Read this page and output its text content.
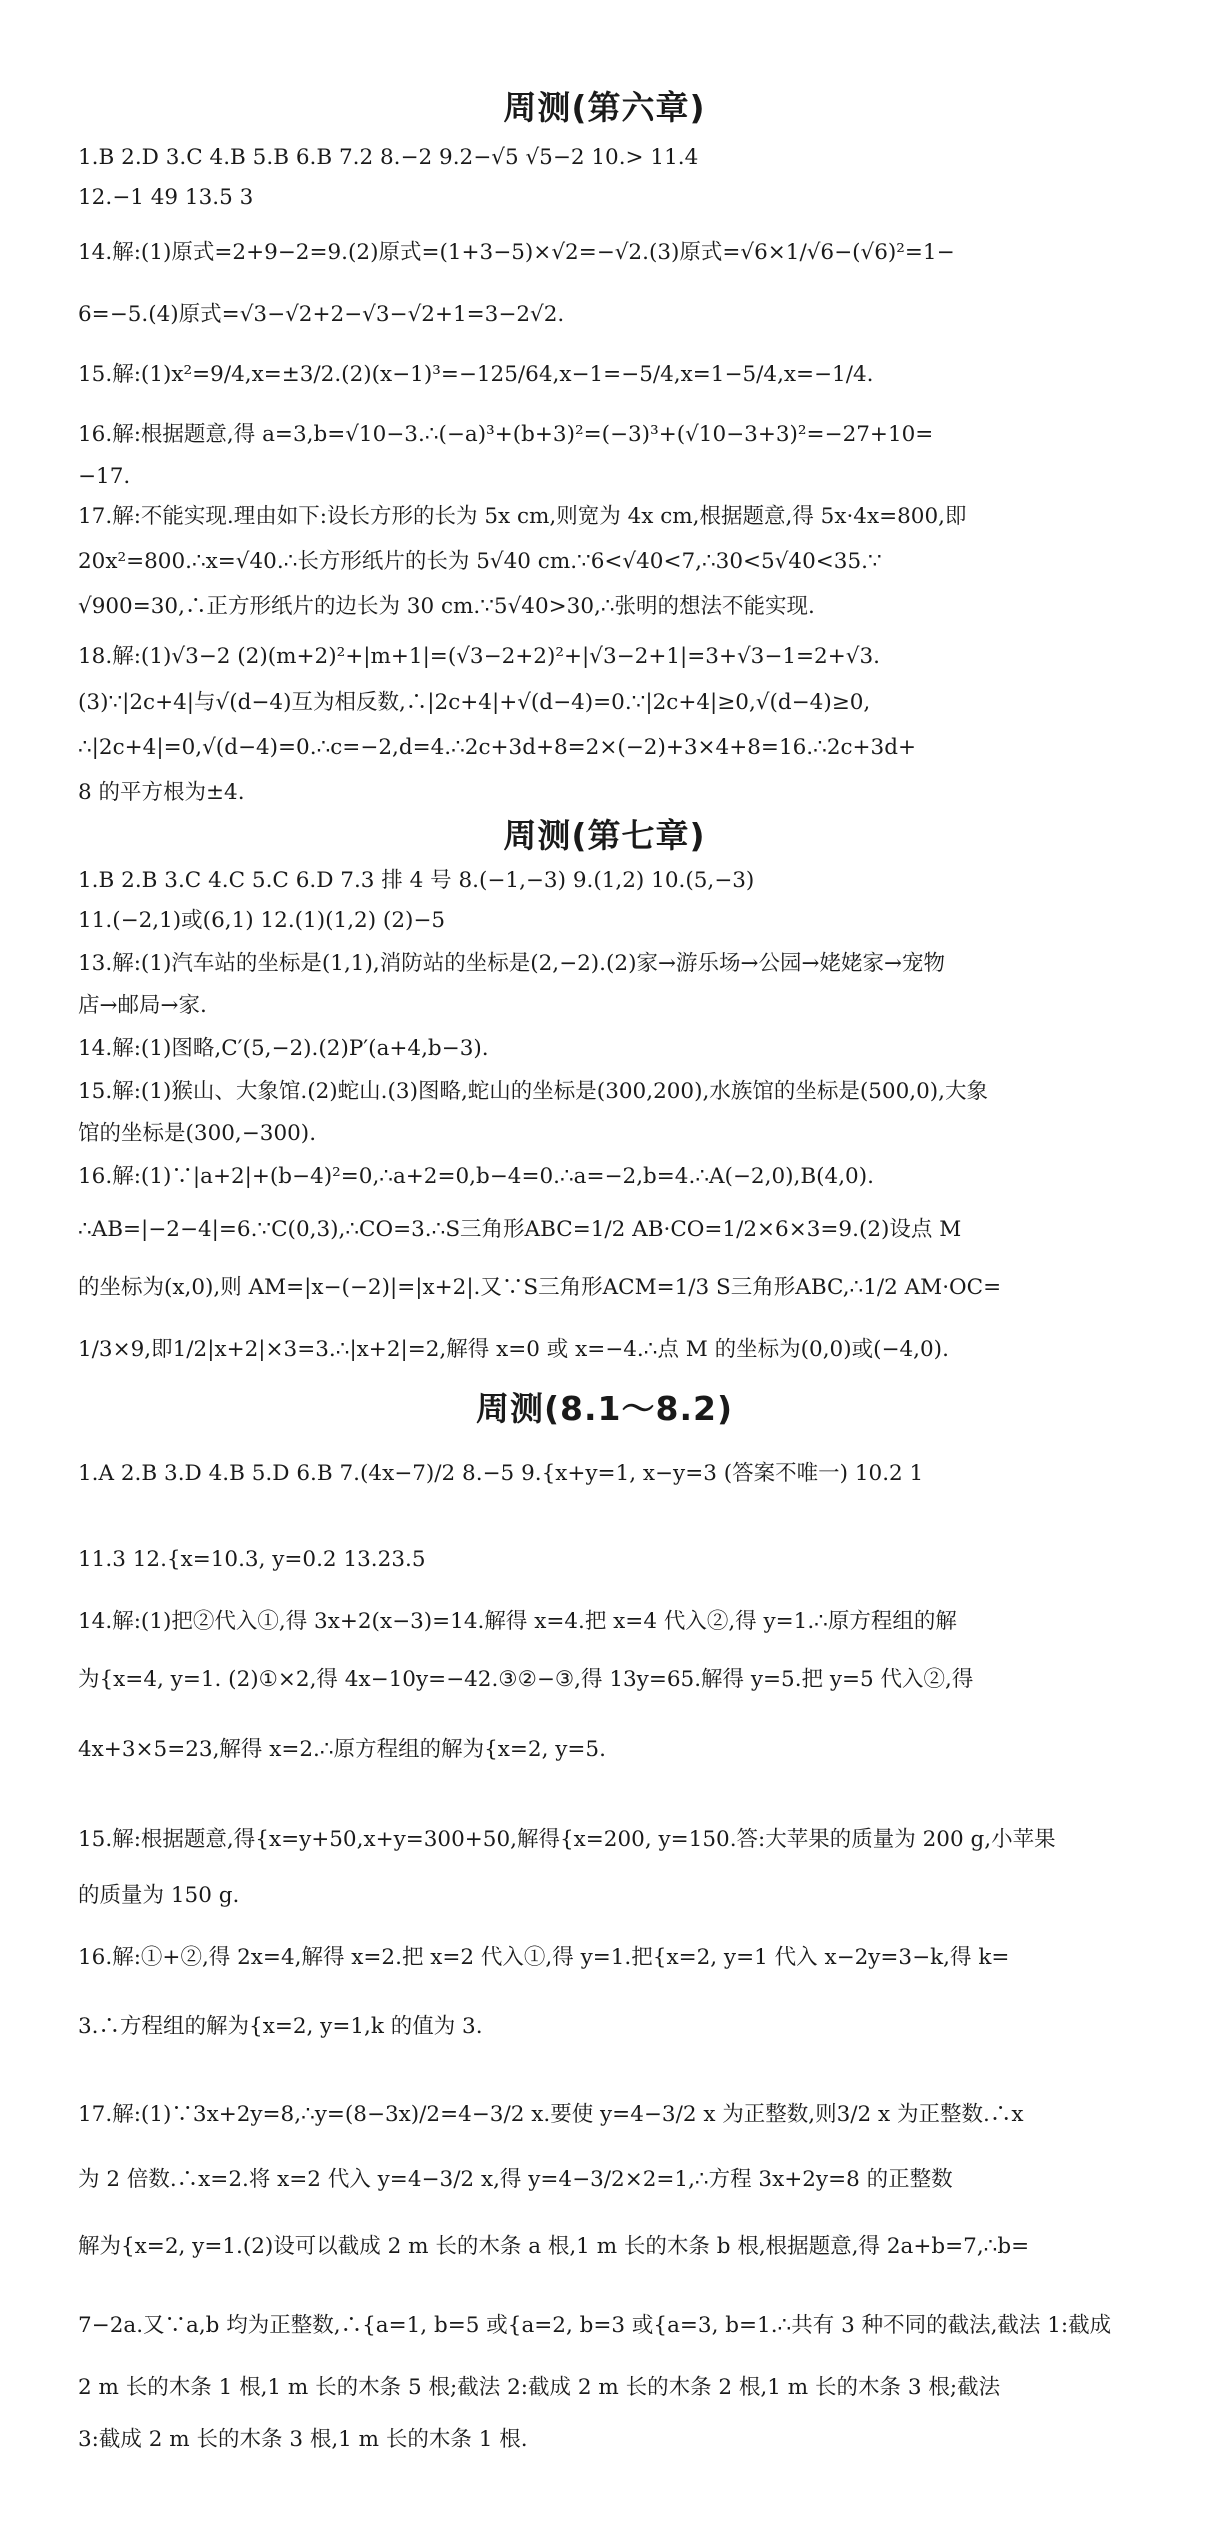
周测(第六章)
1.B 2.D 3.C 4.B 5.B 6.B 7.2 8.−2 9.2−√5 √5−2 10.> 11.4
12.−1 49 13.5 3
14.解:(1)原式=2+9−2=9.(2)原式=(1+3−5)×√2=−√2.(3)原式=√6×1/√6−(√6)²=1−
6=−5.(4)原式=√3−√2+2−√3−√2+1=3−2√2.
15.解:(1)x²=9/4,x=±3/2.(2)(x−1)³=−125/64,x−1=−5/4,x=1−5/4,x=−1/4.
16.解:根据题意,得 a=3,b=√10−3.∴(−a)³+(b+3)²=(−3)³+(√10−3+3)²=−27+10=
−17.
17.解:不能实现.理由如下:设长方形的长为 5x cm,则宽为 4x cm,根据题意,得 5x·4x=800,即
20x²=800.∴x=√40.∴长方形纸片的长为 5√40 cm.∵6<√40<7,∴30<5√40<35.∵
√900=30,∴正方形纸片的边长为 30 cm.∵5√40>30,∴张明的想法不能实现.
18.解:(1)√3−2 (2)(m+2)²+|m+1|=(√3−2+2)²+|√3−2+1|=3+√3−1=2+√3.
(3)∵|2c+4|与√(d−4)互为相反数,∴|2c+4|+√(d−4)=0.∵|2c+4|≥0,√(d−4)≥0,
∴|2c+4|=0,√(d−4)=0.∴c=−2,d=4.∴2c+3d+8=2×(−2)+3×4+8=16.∴2c+3d+
8 的平方根为±4.
周测(第七章)
1.B 2.B 3.C 4.C 5.C 6.D 7.3 排 4 号 8.(−1,−3) 9.(1,2) 10.(5,−3)
11.(−2,1)或(6,1) 12.(1)(1,2) (2)−5
13.解:(1)汽车站的坐标是(1,1),消防站的坐标是(2,−2).(2)家→游乐场→公园→姥姥家→宠物
店→邮局→家.
14.解:(1)图略,C′(5,−2).(2)P′(a+4,b−3).
15.解:(1)猴山、大象馆.(2)蛇山.(3)图略,蛇山的坐标是(300,200),水族馆的坐标是(500,0),大象
馆的坐标是(300,−300).
16.解:(1)∵|a+2|+(b−4)²=0,∴a+2=0,b−4=0.∴a=−2,b=4.∴A(−2,0),B(4,0).
∴AB=|−2−4|=6.∵C(0,3),∴CO=3.∴S三角形ABC=1/2 AB·CO=1/2×6×3=9.(2)设点 M
的坐标为(x,0),则 AM=|x−(−2)|=|x+2|.又∵S三角形ACM=1/3 S三角形ABC,∴1/2 AM·OC=
1/3×9,即1/2|x+2|×3=3.∴|x+2|=2,解得 x=0 或 x=−4.∴点 M 的坐标为(0,0)或(−4,0).
周测(8.1～8.2)
1.A 2.B 3.D 4.B 5.D 6.B 7.(4x−7)/2 8.−5 9.{x+y=1, x−y=3 (答案不唯一) 10.2 1
11.3 12.{x=10.3, y=0.2 13.23.5
14.解:(1)把②代入①,得 3x+2(x−3)=14.解得 x=4.把 x=4 代入②,得 y=1.∴原方程组的解
为{x=4, y=1. (2)①×2,得 4x−10y=−42.③②−③,得 13y=65.解得 y=5.把 y=5 代入②,得
4x+3×5=23,解得 x=2.∴原方程组的解为{x=2, y=5.
15.解:根据题意,得{x=y+50,x+y=300+50,解得{x=200, y=150.答:大苹果的质量为 200 g,小苹果
的质量为 150 g.
16.解:①+②,得 2x=4,解得 x=2.把 x=2 代入①,得 y=1.把{x=2, y=1 代入 x−2y=3−k,得 k=
3.∴方程组的解为{x=2, y=1,k 的值为 3.
17.解:(1)∵3x+2y=8,∴y=(8−3x)/2=4−3/2 x.要使 y=4−3/2 x 为正整数,则3/2 x 为正整数.∴x
为 2 倍数.∴x=2.将 x=2 代入 y=4−3/2 x,得 y=4−3/2×2=1,∴方程 3x+2y=8 的正整数
解为{x=2, y=1.(2)设可以截成 2 m 长的木条 a 根,1 m 长的木条 b 根,根据题意,得 2a+b=7,∴b=
7−2a.又∵a,b 均为正整数,∴{a=1, b=5 或{a=2, b=3 或{a=3, b=1.∴共有 3 种不同的截法,截法 1:截成
2 m 长的木条 1 根,1 m 长的木条 5 根;截法 2:截成 2 m 长的木条 2 根,1 m 长的木条 3 根;截法
3:截成 2 m 长的木条 3 根,1 m 长的木条 1 根.
